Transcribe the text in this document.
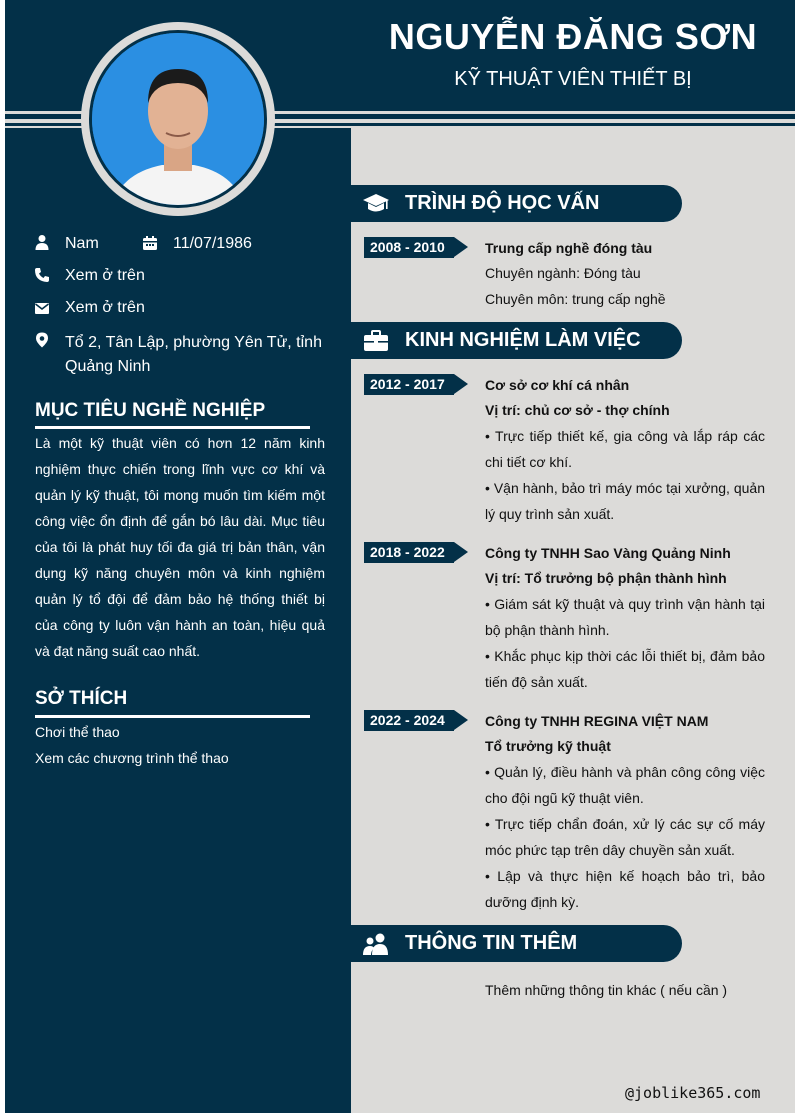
NGUYỄN ĐĂNG SƠN
KỸ THUẬT VIÊN THIẾT BỊ
Nam	11/07/1986
Xem ở trên
Xem ở trên
Tổ 2, Tân Lập, phường Yên Tử, tỉnh Quảng Ninh
MỤC TIÊU NGHỀ NGHIỆP
Là một kỹ thuật viên có hơn 12 năm kinh nghiệm thực chiến trong lĩnh vực cơ khí và quản lý kỹ thuật, tôi mong muốn tìm kiếm một công việc ổn định để gắn bó lâu dài. Mục tiêu của tôi là phát huy tối đa giá trị bản thân, vận dụng kỹ năng chuyên môn và kinh nghiệm quản lý tổ đội để đảm bảo hệ thống thiết bị của công ty luôn vận hành an toàn, hiệu quả và đạt năng suất cao nhất.
SỞ THÍCH
Chơi thể thao
Xem các chương trình thể thao
TRÌNH ĐỘ HỌC VẤN
2008 - 2010	Trung cấp nghề đóng tàu
Chuyên ngành: Đóng tàu
Chuyên môn: trung cấp nghề
KINH NGHIỆM LÀM VIỆC
2012 - 2017	Cơ sở cơ khí cá nhân
Vị trí: chủ cơ sở - thợ chính
• Trực tiếp thiết kế, gia công và lắp ráp các chi tiết cơ khí.
• Vận hành, bảo trì máy móc tại xưởng, quản lý quy trình sản xuất.
2018 - 2022	Công ty TNHH Sao Vàng Quảng Ninh
Vị trí: Tổ trưởng bộ phận thành hình
• Giám sát kỹ thuật và quy trình vận hành tại bộ phận thành hình.
• Khắc phục kịp thời các lỗi thiết bị, đảm bảo tiến độ sản xuất.
2022 - 2024	Công ty TNHH REGINA VIỆT NAM
Tổ trưởng kỹ thuật
• Quản lý, điều hành và phân công công việc cho đội ngũ kỹ thuật viên.
• Trực tiếp chẩn đoán, xử lý các sự cố máy móc phức tạp trên dây chuyền sản xuất.
• Lập và thực hiện kế hoạch bảo trì, bảo dưỡng định kỳ.
THÔNG TIN THÊM
Thêm những thông tin khác ( nếu cần )
@joblike365.com
